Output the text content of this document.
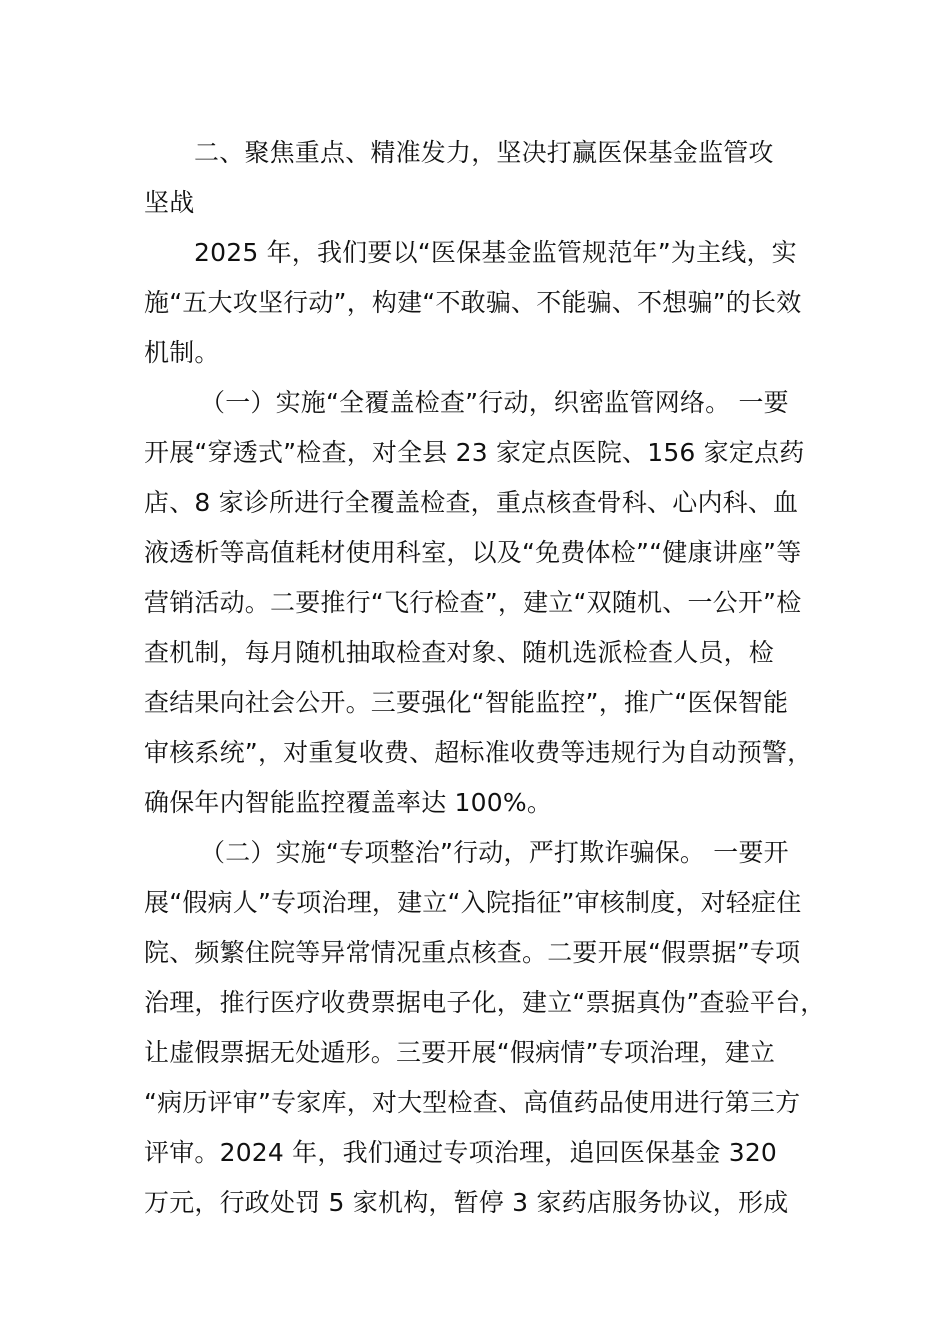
二、聚焦重点、精准发力，坚决打赢医保基金监管攻
坚战
2025 年，我们要以“医保基金监管规范年”为主线，实
施“五大攻坚行动”，构建“不敢骗、不能骗、不想骗”的长效
机制。
（一）实施“全覆盖检查”行动，织密监管网络。 一要
开展“穿透式”检查，对全县 23 家定点医院、156 家定点药
店、8 家诊所进行全覆盖检查，重点核查骨科、心内科、血
液透析等高值耗材使用科室，以及“免费体检”“健康讲座”等
营销活动。二要推行“飞行检查”，建立“双随机、一公开”检
查机制，每月随机抽取检查对象、随机选派检查人员，检
查结果向社会公开。三要强化“智能监控”，推广“医保智能
审核系统”，对重复收费、超标准收费等违规行为自动预警，
确保年内智能监控覆盖率达 100%。
（二）实施“专项整治”行动，严打欺诈骗保。 一要开
展“假病人”专项治理，建立“入院指征”审核制度，对轻症住
院、频繁住院等异常情况重点核查。二要开展“假票据”专项
治理，推行医疗收费票据电子化，建立“票据真伪”查验平台，
让虚假票据无处遁形。三要开展“假病情”专项治理，建立
“病历评审”专家库，对大型检查、高值药品使用进行第三方
评审。2024 年，我们通过专项治理，追回医保基金 320
万元，行政处罚 5 家机构，暂停 3 家药店服务协议，形成
